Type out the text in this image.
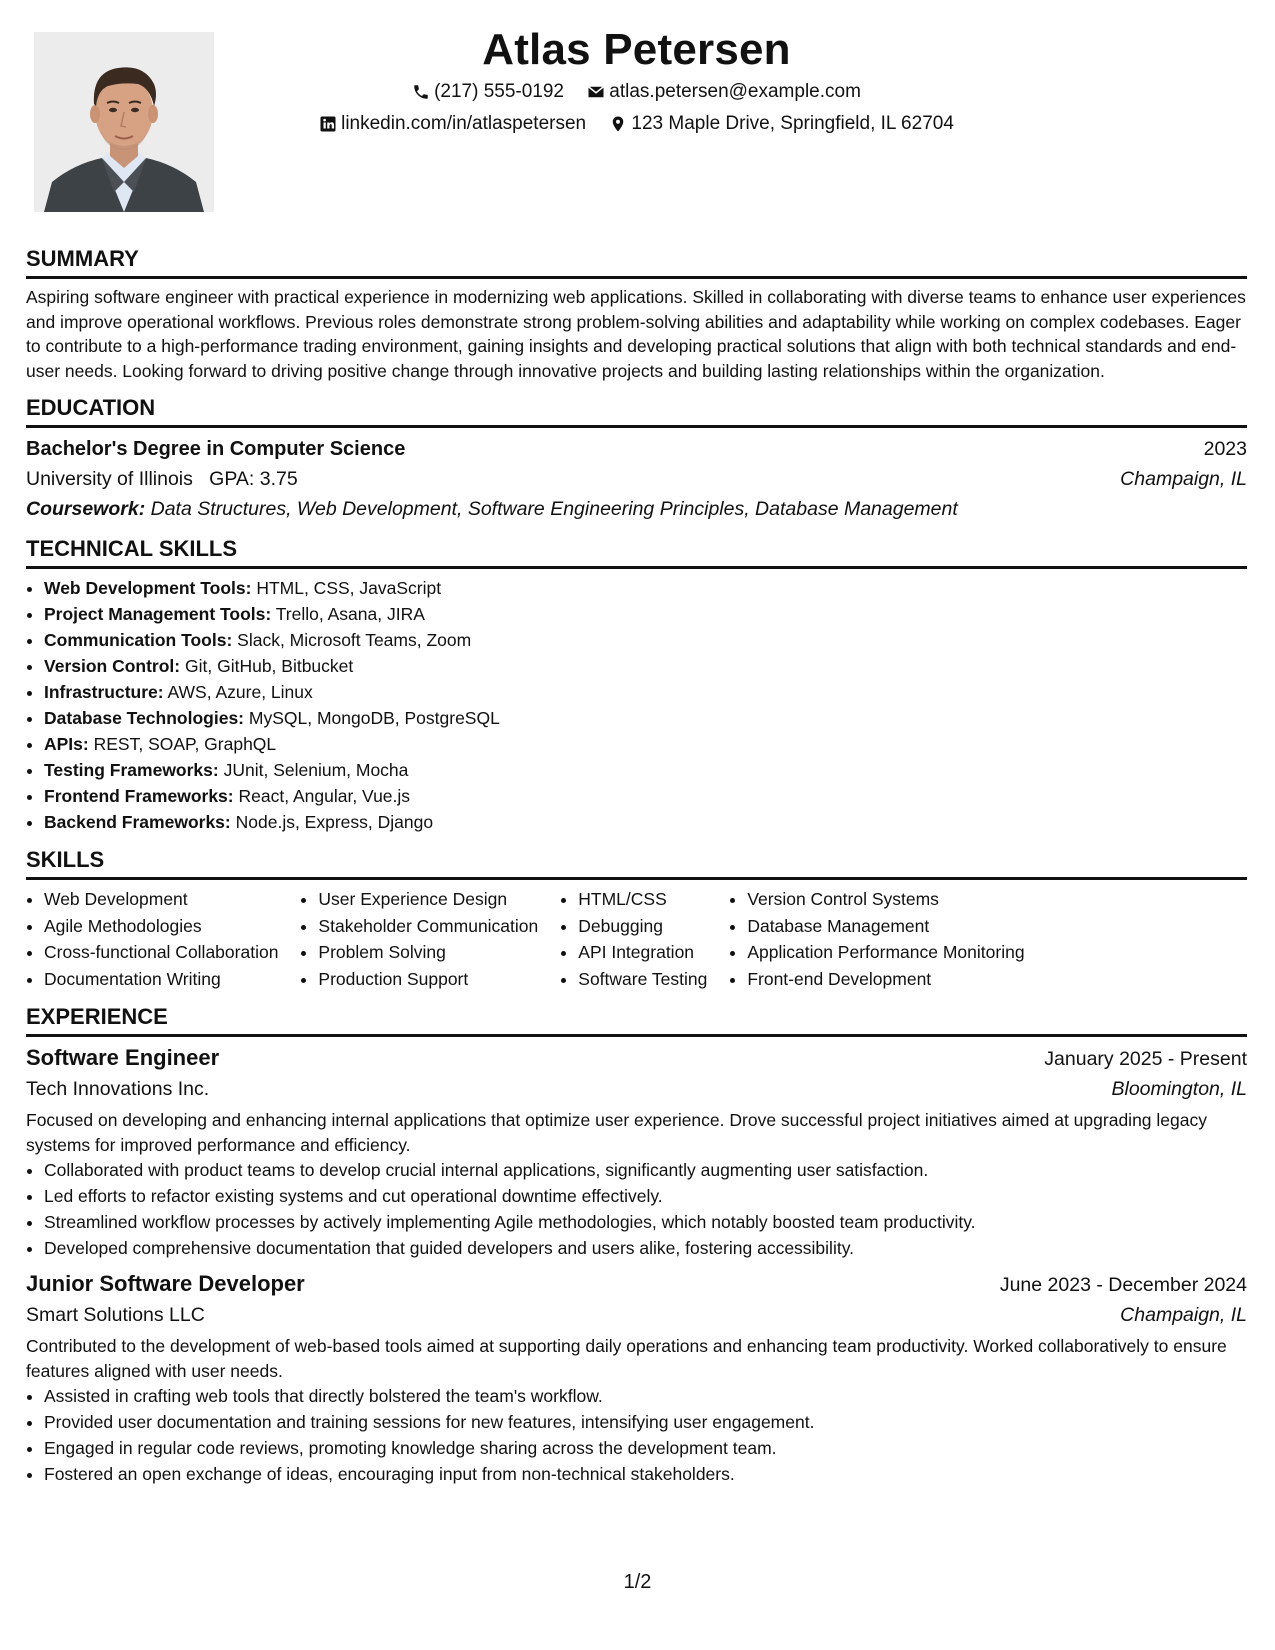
Atlas Petersen
(217) 555-0192
atlas.petersen@example.com
linkedin.com/in/atlaspetersen
123 Maple Drive, Springfield, IL 62704
SUMMARY

Aspiring software engineer with practical experience in modernizing web applications. Skilled in collaborating with diverse teams to enhance user experiences and improve operational workflows. Previous roles demonstrate strong problem-solving abilities and adaptability while working on complex codebases. Eager to contribute to a high-performance trading environment, gaining insights and developing practical solutions that align with both technical standards and end-user needs. Looking forward to driving positive change through innovative projects and building lasting relationships within the organization.

EDUCATION
Bachelor's Degree in Computer Science	2023
University of Illinois GPA: 3.75	Champaign, IL
Coursework: Data Structures, Web Development, Software Engineering Principles, Database Management
TECHNICAL SKILLS
• Web Development Tools: HTML, CSS, JavaScript
• Project Management Tools: Trello, Asana, JIRA
• Communication Tools: Slack, Microsoft Teams, Zoom
• Version Control: Git, GitHub, Bitbucket
• Infrastructure: AWS, Azure, Linux
• Database Technologies: MySQL, MongoDB, PostgreSQL
• APIs: REST, SOAP, GraphQL
• Testing Frameworks: JUnit, Selenium, Mocha
• Frontend Frameworks: React, Angular, Vue.js
• Backend Frameworks: Node.js, Express, Django
SKILLS
• Web Development
• Agile Methodologies
• Cross-functional Collaboration
• Documentation Writing
• User Experience Design
• Stakeholder Communication
• Problem Solving
• Production Support
• HTML/CSS
• Debugging
• API Integration
• Software Testing
• Version Control Systems
• Database Management
• Application Performance Monitoring
• Front-end Development
EXPERIENCE
Software Engineer	January 2025 - Present
Tech Innovations Inc.	Bloomington, IL

Focused on developing and enhancing internal applications that optimize user experience. Drove successful project initiatives aimed at upgrading legacy systems for improved performance and efficiency.

• Collaborated with product teams to develop crucial internal applications, significantly augmenting user satisfaction.
• Led efforts to refactor existing systems and cut operational downtime effectively.
• Streamlined workflow processes by actively implementing Agile methodologies, which notably boosted team productivity.
• Developed comprehensive documentation that guided developers and users alike, fostering accessibility.
Junior Software Developer	June 2023 - December 2024
Smart Solutions LLC	Champaign, IL

Contributed to the development of web-based tools aimed at supporting daily operations and enhancing team productivity. Worked collaboratively to ensure features aligned with user needs.

• Assisted in crafting web tools that directly bolstered the team's workflow.
• Provided user documentation and training sessions for new features, intensifying user engagement.
• Engaged in regular code reviews, promoting knowledge sharing across the development team.
• Fostered an open exchange of ideas, encouraging input from non-technical stakeholders.
1/2
